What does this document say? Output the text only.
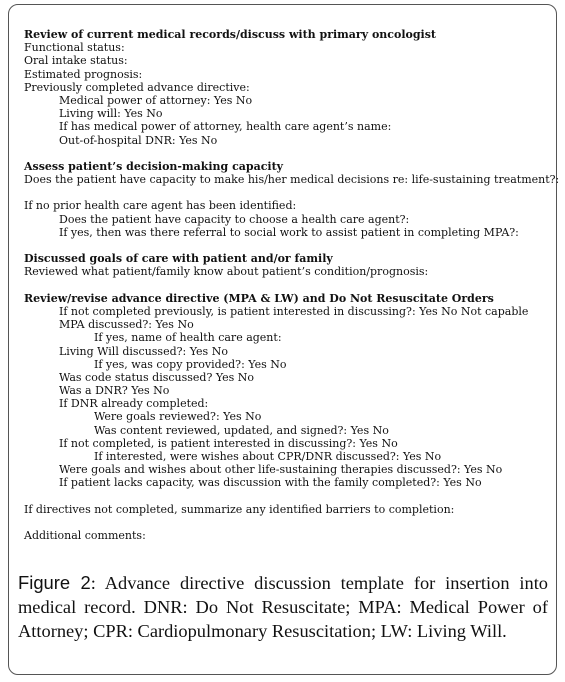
Review of current medical records/discuss with primary oncologist
Functional status:
Oral intake status:
Estimated prognosis:
Previously completed advance directive:
Medical power of attorney: Yes No
Living will: Yes No
If has medical power of attorney, health care agent’s name:
Out-of-hospital DNR: Yes No
Assess patient’s decision-making capacity
Does the patient have capacity to make his/her medical decisions re: life-sustaining treatment?:
If no prior health care agent has been identified:
Does the patient have capacity to choose a health care agent?:
If yes, then was there referral to social work to assist patient in completing MPA?:
Discussed goals of care with patient and/or family
Reviewed what patient/family know about patient’s condition/prognosis:
Review/revise advance directive (MPA & LW) and Do Not Resuscitate Orders
If not completed previously, is patient interested in discussing?: Yes No Not capable
MPA discussed?: Yes No
If yes, name of health care agent:
Living Will discussed?: Yes No
If yes, was copy provided?: Yes No
Was code status discussed? Yes No
Was a DNR? Yes No
If DNR already completed:
Were goals reviewed?: Yes No
Was content reviewed, updated, and signed?: Yes No
If not completed, is patient interested in discussing?: Yes No
If interested, were wishes about CPR/DNR discussed?: Yes No
Were goals and wishes about other life-sustaining therapies discussed?: Yes No
If patient lacks capacity, was discussion with the family completed?: Yes No
If directives not completed, summarize any identified barriers to completion:
Additional comments:
Figure 2: Advance directive discussion template for insertion into medical record. DNR: Do Not Resuscitate; MPA: Medical Power of Attorney; CPR: Cardiopulmonary Resuscitation; LW: Living Will.
